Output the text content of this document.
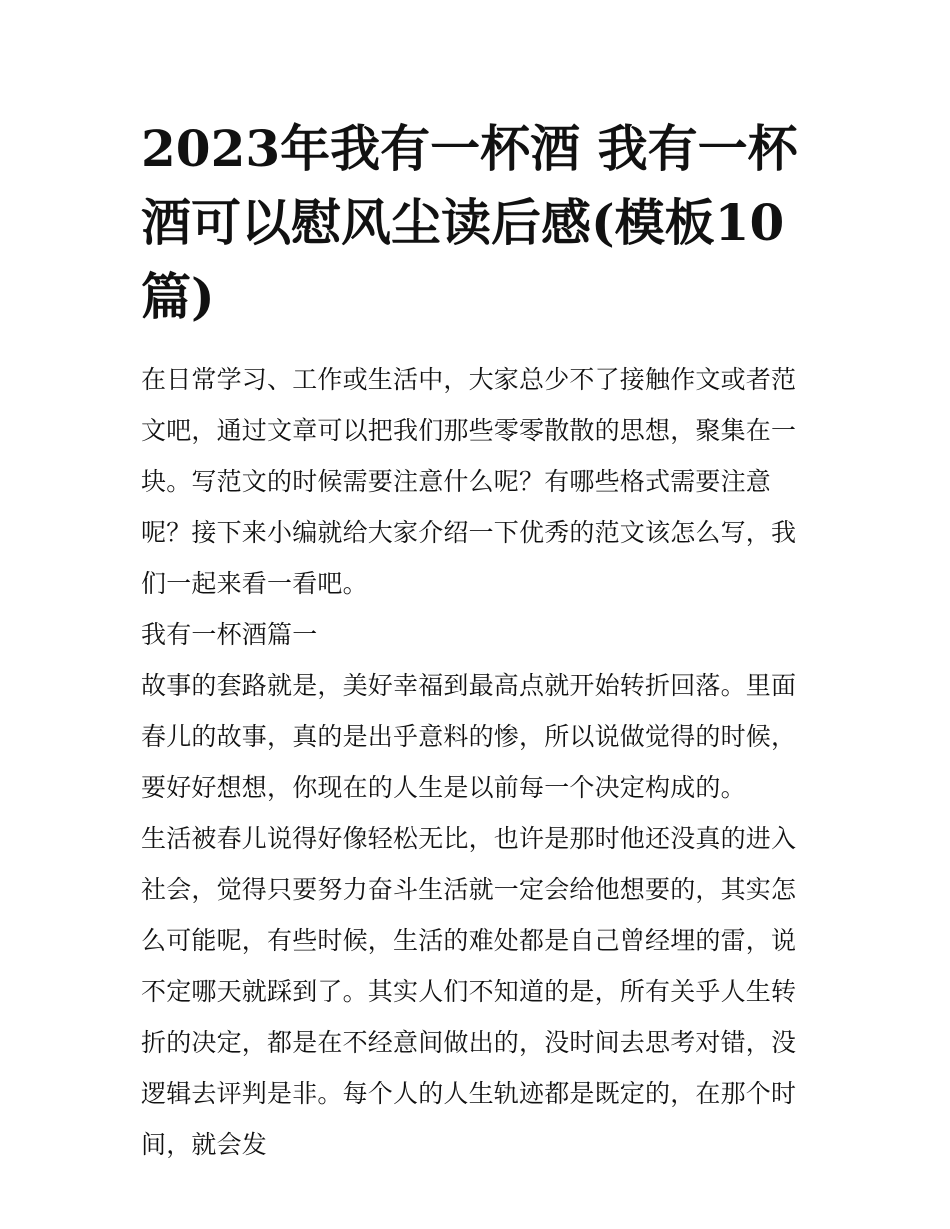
2023年我有一杯酒 我有一杯酒可以慰风尘读后感(模板10篇)

在日常学习、工作或生活中，大家总少不了接触作文或者范文吧，通过文章可以把我们那些零零散散的思想，聚集在一块。写范文的时候需要注意什么呢？有哪些格式需要注意呢？接下来小编就给大家介绍一下优秀的范文该怎么写，我们一起来看一看吧。

我有一杯酒篇一

故事的套路就是，美好幸福到最高点就开始转折回落。里面春儿的故事，真的是出乎意料的惨，所以说做觉得的时候，要好好想想，你现在的人生是以前每一个决定构成的。

生活被春儿说得好像轻松无比，也许是那时他还没真的进入社会，觉得只要努力奋斗生活就一定会给他想要的，其实怎么可能呢，有些时候，生活的难处都是自己曾经埋的雷，说不定哪天就踩到了。其实人们不知道的是，所有关乎人生转折的决定，都是在不经意间做出的，没时间去思考对错，没逻辑去评判是非。每个人的人生轨迹都是既定的，在那个时间，就会发
